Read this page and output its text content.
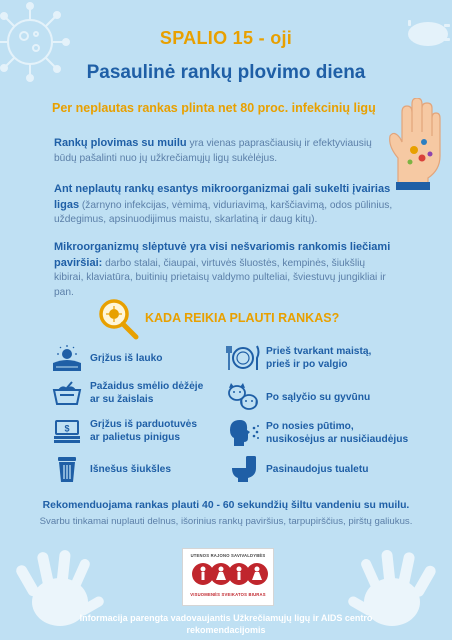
SPALIO 15 - oji
Pasaulinė rankų plovimo diena
Per neplautas rankas plinta net 80 proc. infekcinių ligų
Rankų plovimas su muilu yra vienas paprasčiausių ir efektyviausių būdų pašalinti nuo jų užkrečiamųjų ligų sukėlėjus.
Ant neplautų rankų esantys mikroorganizmai gali sukelti įvairias ligas (žarnyno infekcijas, vėmimą, viduriavimą, karščiavimą, odos pūlinius, uždegimus, apsinuodijimus maistu, skarlatiną ir daug kitų).
Mikroorganizmų slėptuvė yra visi nešvariomis rankomis liečiami paviršiai: darbo stalai, čiaupai, virtuvės šluostės, kempinės, šiukšlių kibirai, klaviatūra, buitinių prietaisų valdymo pulteliai, šviestuvų jungikliai ir pan.
KADA REIKIA PLAUTI RANKAS?
Grįžus iš lauko
Pažaidus smėlio dėžėje
ar su žaislais
$ Grįžus iš parduotuvės
ar palietus pinigus
Išnešus šiukšles
Prieš tvarkant maistą,
prieš ir po valgio
Po sąlyčio su gyvūnu
Po nosies pūtimo,
nusikosėjus ar nusičiaudėjus
Pasinaudojus tualetu
Rekomenduojama rankas plauti 40 - 60 sekundžių šiltu vandeniu su muilu.
Svarbu tinkamai nuplauti delnus, išorinius rankų paviršius, tarpupirščius, pirštų galiukus.
UTENOS RAJONO SAVIVALDYBĖS
VISUOMENĖS SVEIKATOS BIURAS
Informacija parengta vadovaujantis Užkrečiamųjų ligų ir AIDS centro
rekomendacijomis
